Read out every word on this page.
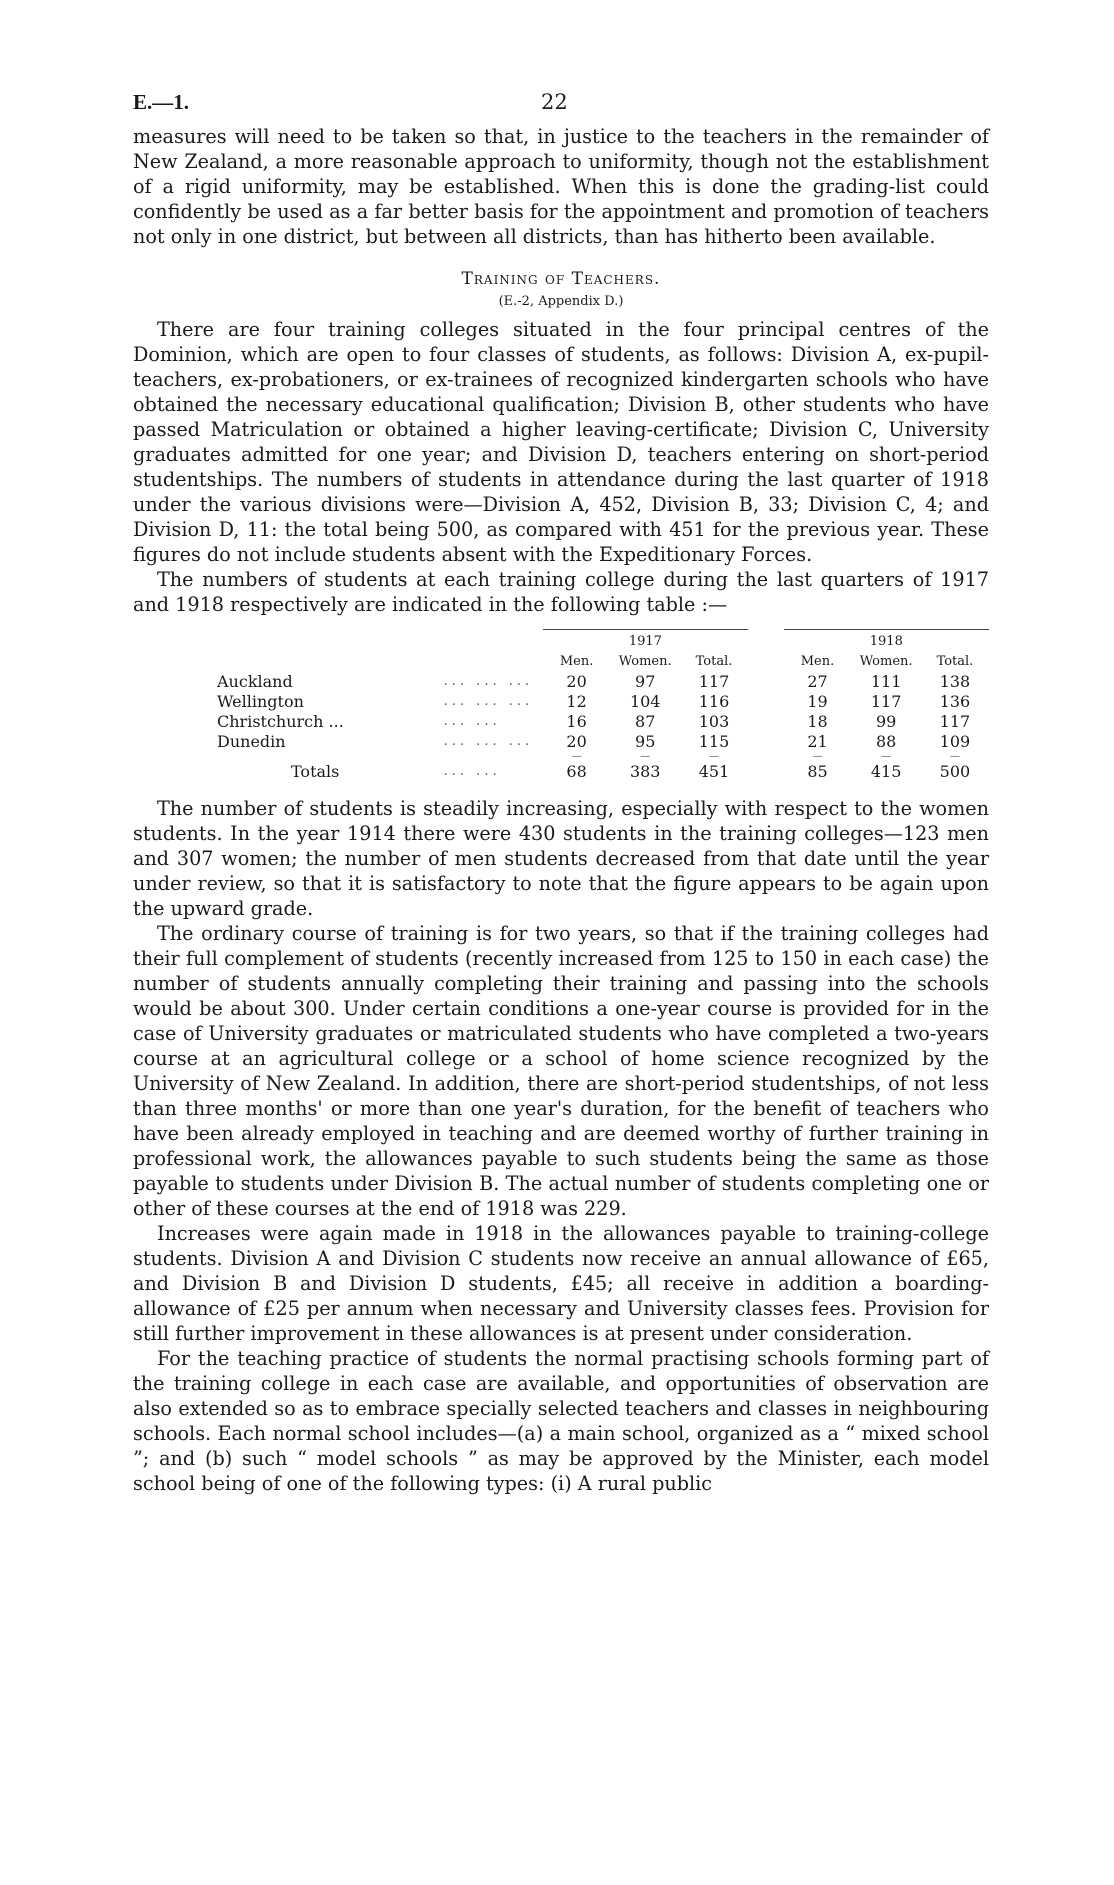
E.—1.	22

measures will need to be taken so that, in justice to the teachers in the remainder of New Zealand, a more reasonable approach to uniformity, though not the establishment of a rigid uniformity, may be established. When this is done the grading-list could confidently be used as a far better basis for the appointment and promotion of teachers not only in one district, but between all districts, than has hitherto been available.

Training of Teachers.
(E.-2, Appendix D.)

There are four training colleges situated in the four principal centres of the Dominion, which are open to four classes of students, as follows: Division A, ex-pupil-teachers, ex-probationers, or ex-trainees of recognized kindergarten schools who have obtained the necessary educational qualification; Division B, other students who have passed Matriculation or obtained a higher leaving-certificate; Division C, University graduates admitted for one year; and Division D, teachers entering on short-period studentships. The numbers of students in attendance during the last quarter of 1918 under the various divisions were—Division A, 452, Division B, 33; Division C, 4; and Division D, 11: the total being 500, as compared with 451 for the previous year. These figures do not include students absent with the Expeditionary Forces.

The numbers of students at each training college during the last quarters of 1917 and 1918 respectively are indicated in the following table :—

		1917				1918		
		Men.	Women.	Total.		Men.	Women.	Total.
Auckland	... ... ...	20	97	117		27	111	138
Wellington	... ... ...	12	104	116		19	117	136
Christchurch ...	... ...	16	87	103		18	99	117
Dunedin	... ... ...	20	95	115		21	88	109
		—	—	—		—	—	—
Totals	... ...	68	383	451		85	415	500

The number of students is steadily increasing, especially with respect to the women students. In the year 1914 there were 430 students in the training colleges—123 men and 307 women; the number of men students decreased from that date until the year under review, so that it is satisfactory to note that the figure appears to be again upon the upward grade.

The ordinary course of training is for two years, so that if the training colleges had their full complement of students (recently increased from 125 to 150 in each case) the number of students annually completing their training and passing into the schools would be about 300. Under certain conditions a one-year course is provided for in the case of University graduates or matriculated students who have completed a two-years course at an agricultural college or a school of home science recognized by the University of New Zealand. In addition, there are short-period studentships, of not less than three months' or more than one year's duration, for the benefit of teachers who have been already employed in teaching and are deemed worthy of further training in professional work, the allowances payable to such students being the same as those payable to students under Division B. The actual number of students completing one or other of these courses at the end of 1918 was 229.

Increases were again made in 1918 in the allowances payable to training-college students. Division A and Division C students now receive an annual allowance of £65, and Division B and Division D students, £45; all receive in addition a boarding-allowance of £25 per annum when necessary and University classes fees. Provision for still further improvement in these allowances is at present under consideration.

For the teaching practice of students the normal practising schools forming part of the training college in each case are available, and opportunities of observation are also extended so as to embrace specially selected teachers and classes in neighbouring schools. Each normal school includes—(a) a main school, organized as a “ mixed school ”; and (b) such “ model schools ” as may be approved by the Minister, each model school being of one of the following types: (i) A rural public
